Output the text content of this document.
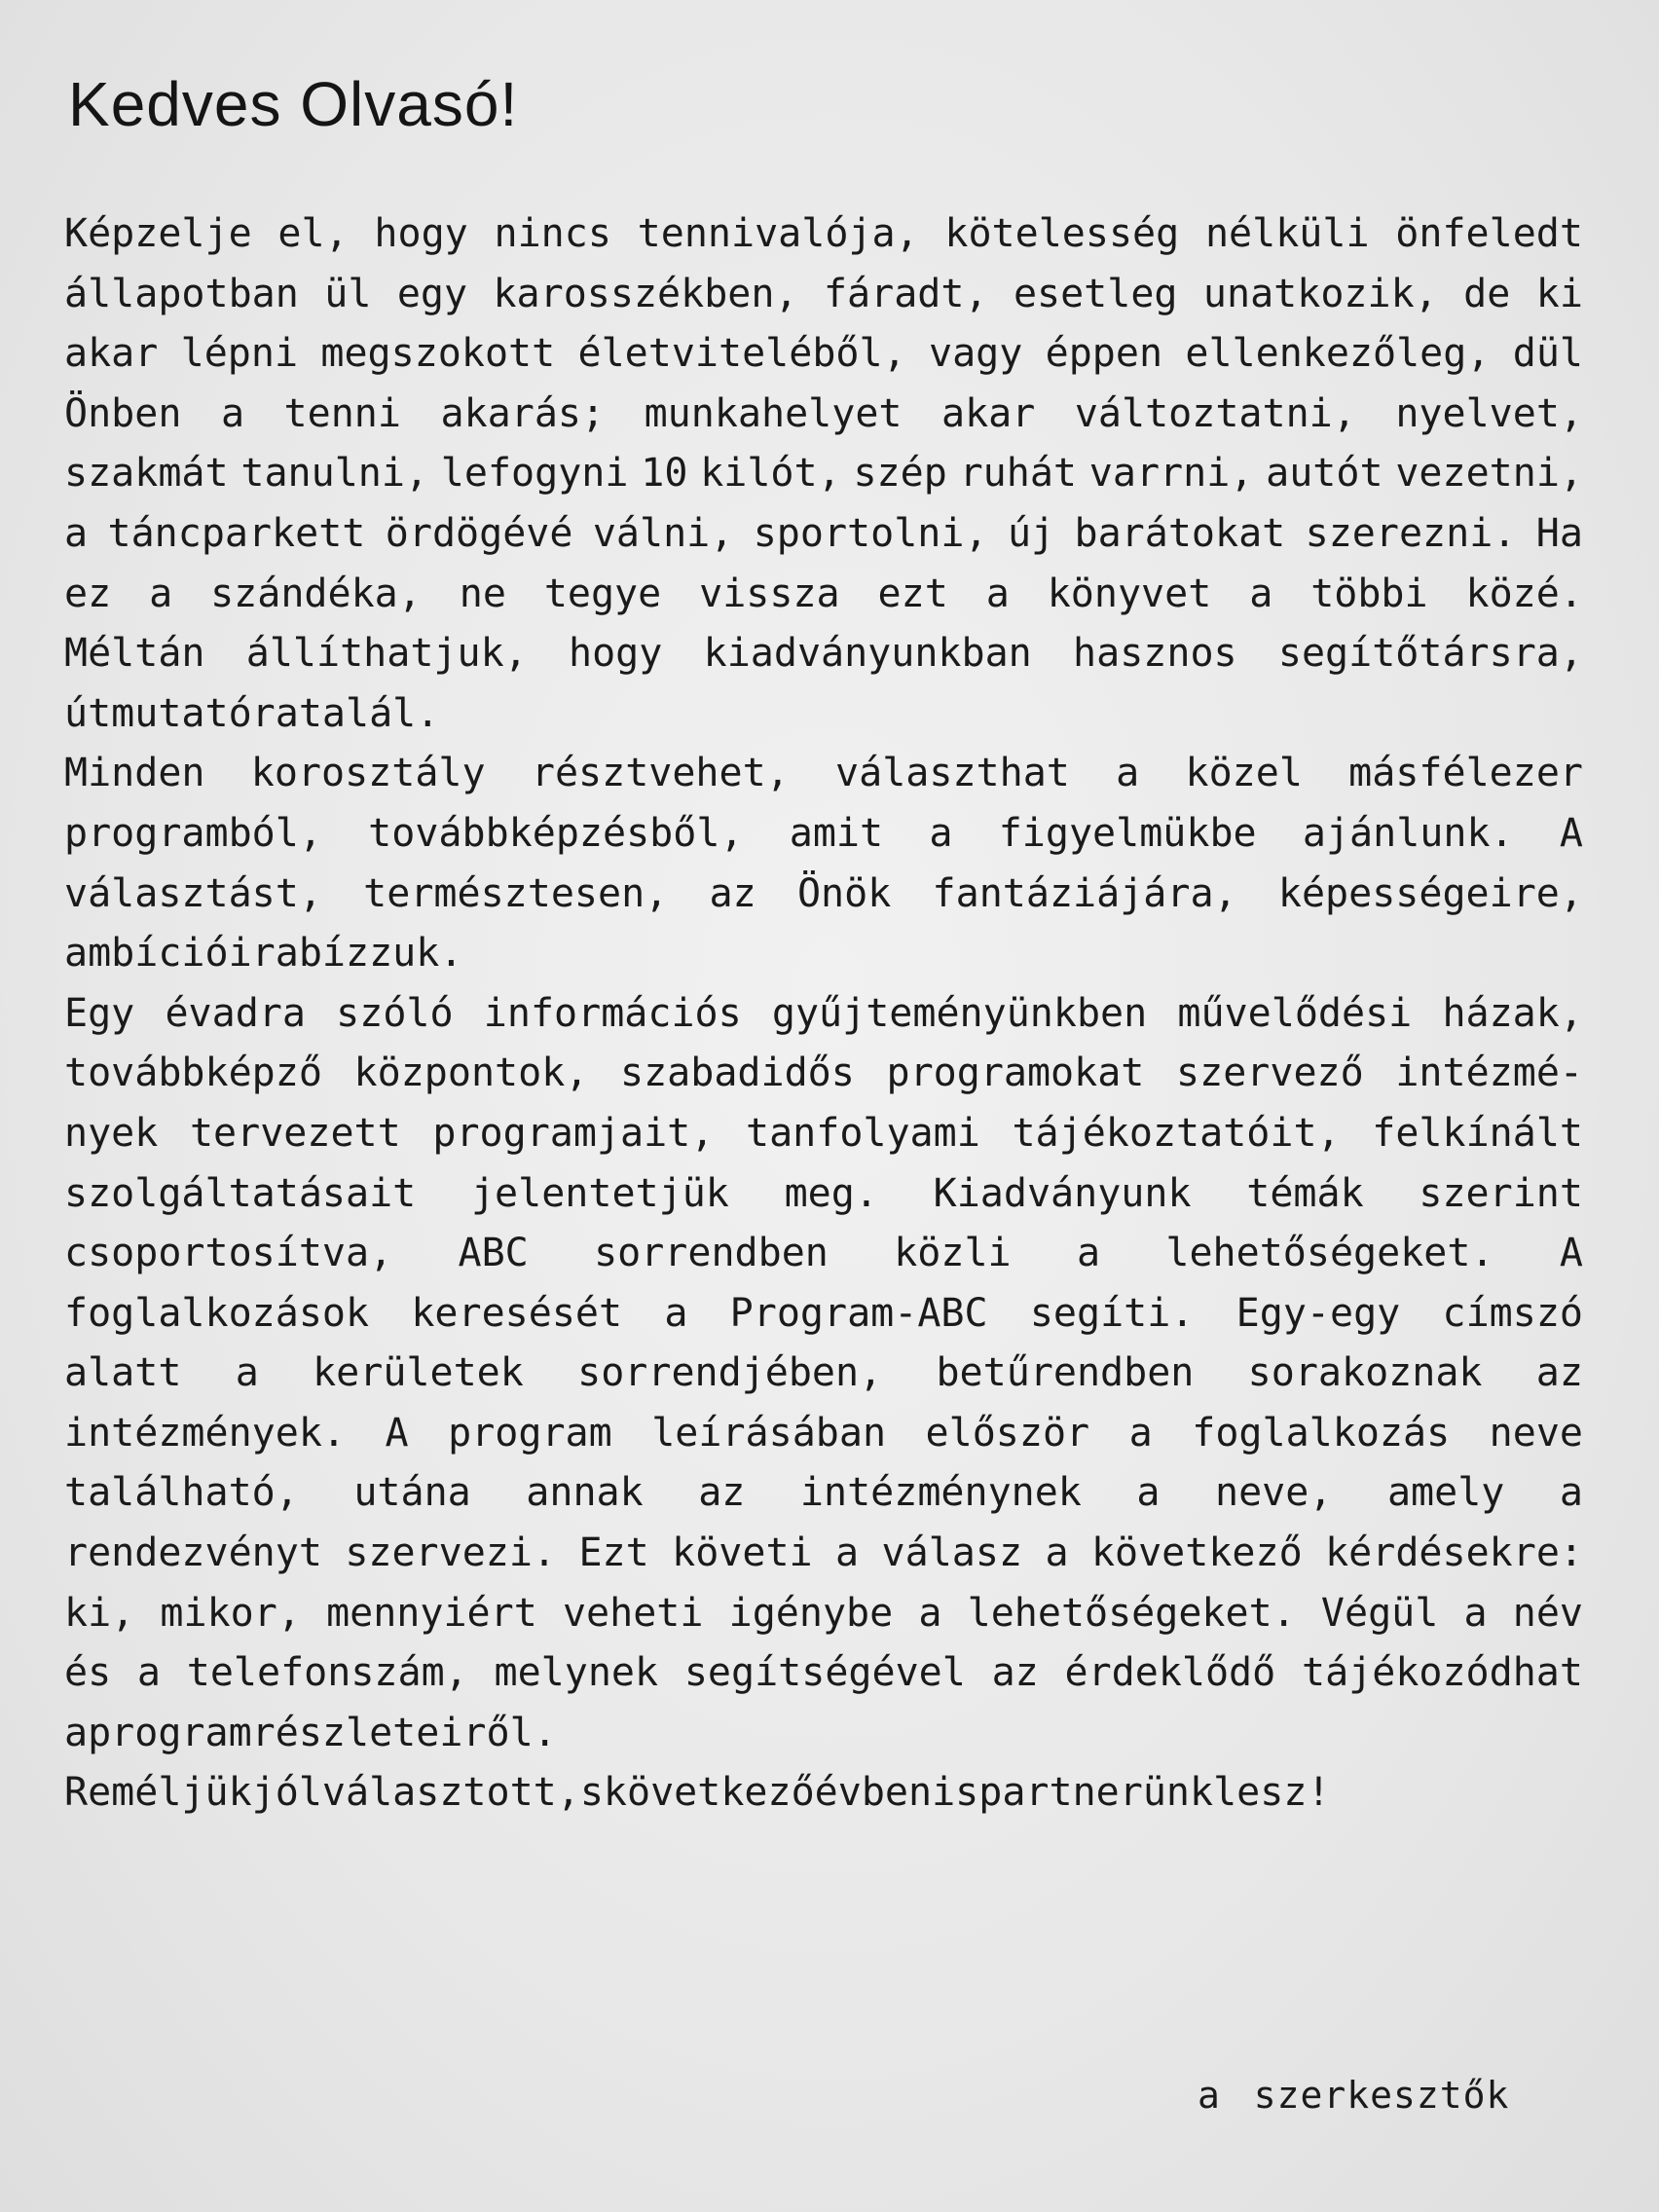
Kedves Olvasó!
Képzelje el, hogy nincs tennivalója, kötelesség nélküli önfeledt
állapotban ül egy karosszékben, fáradt, esetleg unatkozik, de ki
akar lépni megszokott életviteléből, vagy éppen ellenkezőleg, dül
Önben a tenni akarás; munkahelyet akar változtatni, nyelvet,
szakmát tanulni, lefogyni 10 kilót, szép ruhát varrni, autót vezetni,
a táncparkett ördögévé válni, sportolni, új barátokat szerezni. Ha
ez a szándéka, ne tegye vissza ezt a könyvet a többi közé.
Méltán állíthatjuk, hogy kiadványunkban hasznos segítőtársra,
útmutatóra talál.
Minden korosztály résztvehet, választhat a közel másfélezer
programból, továbbképzésből, amit a figyelmükbe ajánlunk. A
választást, természtesen, az Önök fantáziájára, képességeire,
ambícióira bízzuk.
Egy évadra szóló információs gyűjteményünkben művelődési házak,
továbbképző központok, szabadidős programokat szervező intézmé-
nyek tervezett programjait, tanfolyami tájékoztatóit, felkínált
szolgáltatásait jelentetjük meg. Kiadványunk témák szerint
csoportosítva, ABC sorrendben közli a lehetőségeket. A
foglalkozások keresését a Program-ABC segíti. Egy-egy címszó
alatt a kerületek sorrendjében, betűrendben sorakoznak az
intézmények. A program leírásában először a foglalkozás neve
található, utána annak az intézménynek a neve, amely a
rendezvényt szervezi. Ezt követi a válasz a következő kérdésekre:
ki, mikor, mennyiért veheti igénybe a lehetőségeket. Végül a név
és a telefonszám, melynek segítségével az érdeklődő tájékozódhat
a program részleteiről.
Reméljük jól választott, s következő évben is partnerünk lesz !
a szerkesztők
